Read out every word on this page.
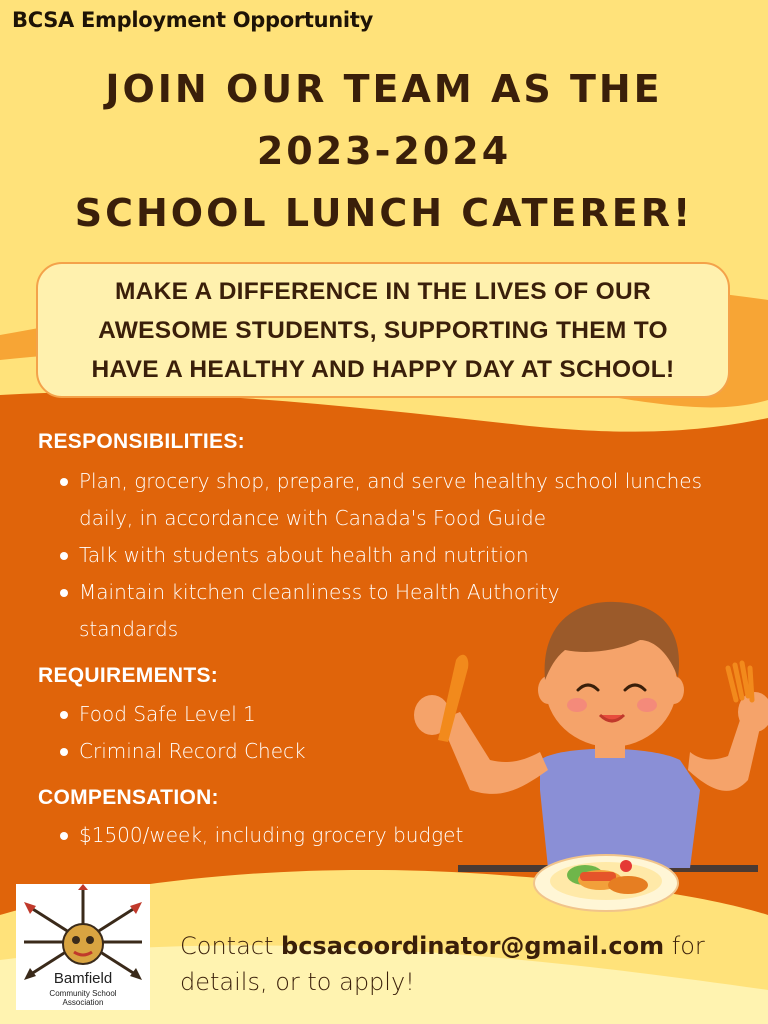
BCSA Employment Opportunity
JOIN OUR TEAM AS THE
2023-2024
SCHOOL LUNCH CATERER!
MAKE A DIFFERENCE IN THE LIVES OF OUR
AWESOME STUDENTS, SUPPORTING THEM TO
HAVE A HEALTHY AND HAPPY DAY AT SCHOOL!
RESPONSIBILITIES:
Plan, grocery shop, prepare, and serve healthy school lunches daily, in accordance with Canada's Food Guide
Talk with students about health and nutrition
Maintain kitchen cleanliness to Health Authority standards
REQUIREMENTS:
Food Safe Level 1
Criminal Record Check
COMPENSATION:
$1500/week, including grocery budget
Bamfield
Community School
Association
Contact bcsacoordinator@gmail.com for details, or to apply!
